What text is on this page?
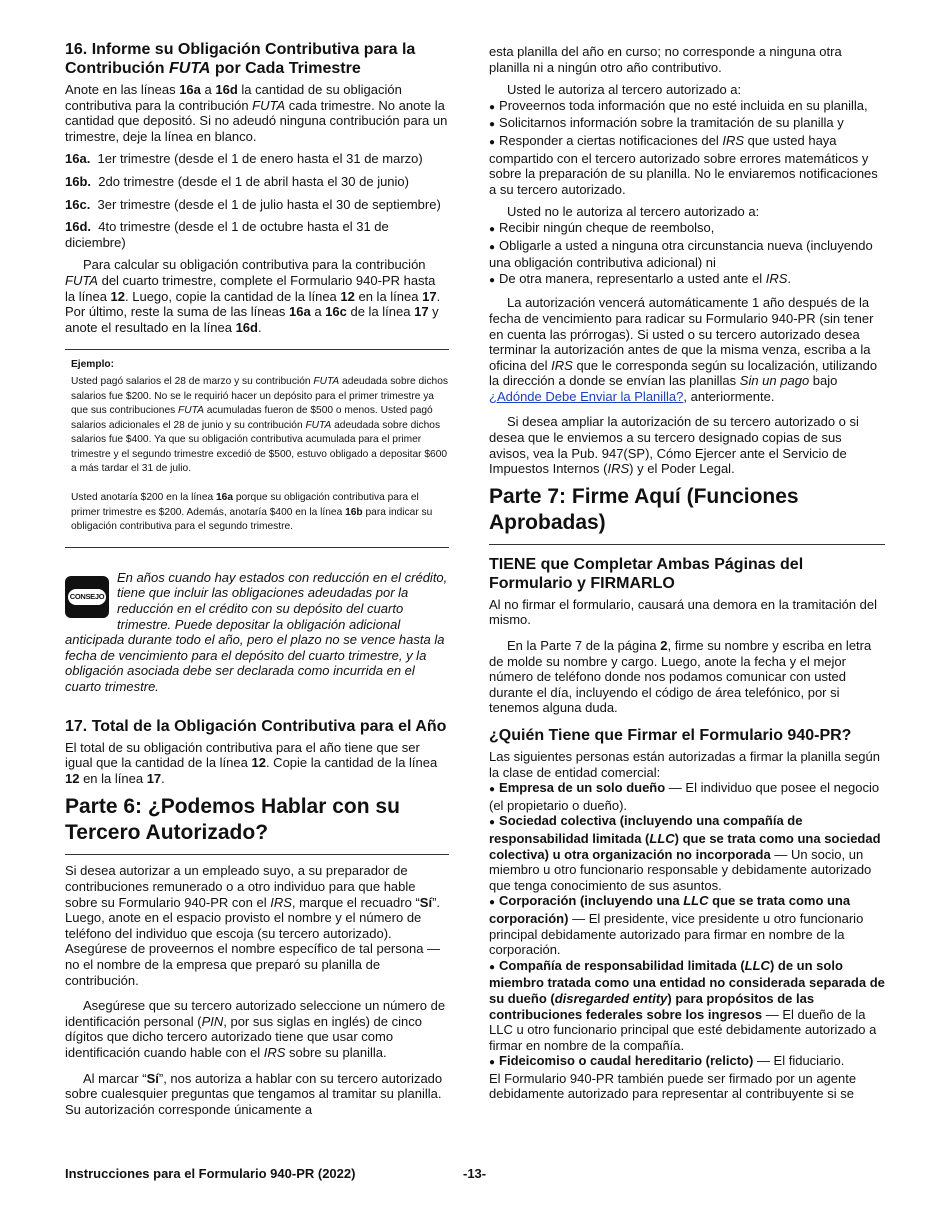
16. Informe su Obligación Contributiva para la Contribución FUTA por Cada Trimestre

Anote en las líneas 16a a 16d la cantidad de su obligación contributiva para la contribución FUTA cada trimestre. No anote la cantidad que depositó. Si no adeudó ninguna contribución para un trimestre, deje la línea en blanco.

16a. 1er trimestre (desde el 1 de enero hasta el 31 de marzo)

16b. 2do trimestre (desde el 1 de abril hasta el 30 de junio)

16c. 3er trimestre (desde el 1 de julio hasta el 30 de septiembre)

16d. 4to trimestre (desde el 1 de octubre hasta el 31 de diciembre)

Para calcular su obligación contributiva para la contribución FUTA del cuarto trimestre, complete el Formulario 940-PR hasta la línea 12. Luego, copie la cantidad de la línea 12 en la línea 17. Por último, reste la suma de las líneas 16a a 16c de la línea 17 y anote el resultado en la línea 16d.

Ejemplo:

Usted pagó salarios el 28 de marzo y su contribución FUTA adeudada sobre dichos salarios fue $200. No se le requirió hacer un depósito para el primer trimestre ya que sus contribuciones FUTA acumuladas fueron de $500 o menos. Usted pagó salarios adicionales el 28 de junio y su contribución FUTA adeudada sobre dichos salarios fue $400. Ya que su obligación contributiva acumulada para el primer trimestre y el segundo trimestre excedió de $500, estuvo obligado a depositar $600 a más tardar el 31 de julio.

Usted anotaría $200 en la línea 16a porque su obligación contributiva para el primer trimestre es $200. Además, anotaría $400 en la línea 16b para indicar su obligación contributiva para el segundo trimestre.

CONSEJO
En años cuando hay estados con reducción en el crédito, tiene que incluir las obligaciones adeudadas por la reducción en el crédito con su depósito del cuarto trimestre. Puede depositar la obligación adicional anticipada durante todo el año, pero el plazo no se vence hasta la fecha de vencimiento para el depósito del cuarto trimestre, y la obligación asociada debe ser declarada como incurrida en el cuarto trimestre.
17. Total de la Obligación Contributiva para el Año

El total de su obligación contributiva para el año tiene que ser igual que la cantidad de la línea 12. Copie la cantidad de la línea 12 en la línea 17.

Parte 6: ¿Podemos Hablar con su Tercero Autorizado?

Si desea autorizar a un empleado suyo, a su preparador de contribuciones remunerado o a otro individuo para que hable sobre su Formulario 940-PR con el IRS, marque el recuadro “Sí”. Luego, anote en el espacio provisto el nombre y el número de teléfono del individuo que escoja (su tercero autorizado). Asegúrese de proveernos el nombre específico de tal persona —no el nombre de la empresa que preparó su planilla de contribución.

Asegúrese que su tercero autorizado seleccione un número de identificación personal (PIN, por sus siglas en inglés) de cinco dígitos que dicho tercero autorizado tiene que usar como identificación cuando hable con el IRS sobre su planilla.

Al marcar “Sí”, nos autoriza a hablar con su tercero autorizado sobre cualesquier preguntas que tengamos al tramitar su planilla. Su autorización corresponde únicamente a

esta planilla del año en curso; no corresponde a ninguna otra planilla ni a ningún otro año contributivo.

Usted le autoriza al tercero autorizado a:

● Proveernos toda información que no esté incluida en su planilla,

● Solicitarnos información sobre la tramitación de su planilla y

● Responder a ciertas notificaciones del IRS que usted haya compartido con el tercero autorizado sobre errores matemáticos y sobre la preparación de su planilla. No le enviaremos notificaciones a su tercero autorizado.

Usted no le autoriza al tercero autorizado a:

● Recibir ningún cheque de reembolso,

● Obligarle a usted a ninguna otra circunstancia nueva (incluyendo una obligación contributiva adicional) ni

● De otra manera, representarlo a usted ante el IRS.

La autorización vencerá automáticamente 1 año después de la fecha de vencimiento para radicar su Formulario 940-PR (sin tener en cuenta las prórrogas). Si usted o su tercero autorizado desea terminar la autorización antes de que la misma venza, escriba a la oficina del IRS que le corresponda según su localización, utilizando la dirección a donde se envían las planillas Sin un pago bajo ¿Adónde Debe Enviar la Planilla?, anteriormente.

Si desea ampliar la autorización de su tercero autorizado o si desea que le enviemos a su tercero designado copias de sus avisos, vea la Pub. 947(SP), Cómo Ejercer ante el Servicio de Impuestos Internos (IRS) y el Poder Legal.

Parte 7: Firme Aquí (Funciones Aprobadas)
TIENE que Completar Ambas Páginas del Formulario y FIRMARLO

Al no firmar el formulario, causará una demora en la tramitación del mismo.

En la Parte 7 de la página 2, firme su nombre y escriba en letra de molde su nombre y cargo. Luego, anote la fecha y el mejor número de teléfono donde nos podamos comunicar con usted durante el día, incluyendo el código de área telefónico, por si tenemos alguna duda.

¿Quién Tiene que Firmar el Formulario 940-PR?

Las siguientes personas están autorizadas a firmar la planilla según la clase de entidad comercial:

● Empresa de un solo dueño — El individuo que posee el negocio (el propietario o dueño).

● Sociedad colectiva (incluyendo una compañía de responsabilidad limitada (LLC) que se trata como una sociedad colectiva) u otra organización no incorporada — Un socio, un miembro u otro funcionario responsable y debidamente autorizado que tenga conocimiento de sus asuntos.

● Corporación (incluyendo una LLC que se trata como una corporación) — El presidente, vice presidente u otro funcionario principal debidamente autorizado para firmar en nombre de la corporación.

● Compañía de responsabilidad limitada (LLC) de un solo miembro tratada como una entidad no considerada separada de su dueño (disregarded entity) para propósitos de las contribuciones federales sobre los ingresos — El dueño de la LLC u otro funcionario principal que esté debidamente autorizado a firmar en nombre de la compañía.

● Fideicomiso o caudal hereditario (relicto) — El fiduciario.

El Formulario 940-PR también puede ser firmado por un agente debidamente autorizado para representar al contribuyente si se

Instrucciones para el Formulario 940-PR (2022)	-13-
